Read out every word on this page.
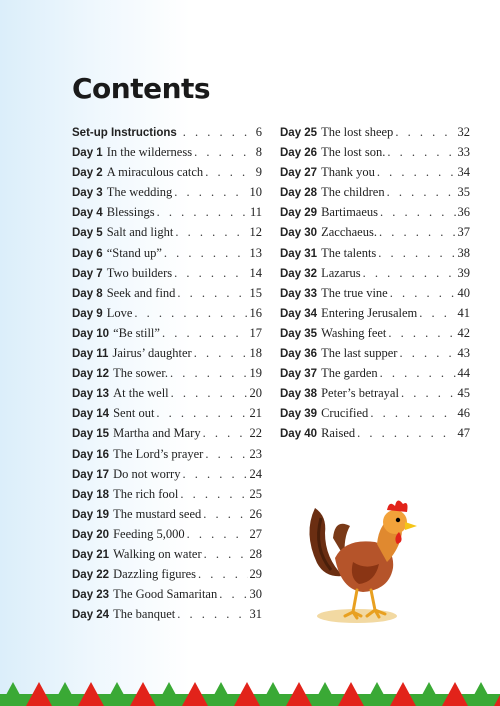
Contents
Set-up Instructions . . .	6
Day 1 In the wilderness . . .	8
Day 2 A miraculous catch . . .	9
Day 3 The wedding . . .	10
Day 4 Blessings . . .	11
Day 5 Salt and light . . .	12
Day 6 “Stand up” . . .	13
Day 7 Two builders . . .	14
Day 8 Seek and find . . .	15
Day 9 Love . . .	16
Day 10 “Be still” . . .	17
Day 11 Jairus’ daughter . . .	18
Day 12 The sower. . . .	19
Day 13 At the well . . .	20
Day 14 Sent out . . .	21
Day 15 Martha and Mary . . .	22
Day 16 The Lord’s prayer . . .	23
Day 17 Do not worry . . .	24
Day 18 The rich fool . . .	25
Day 19 The mustard seed . . .	26
Day 20 Feeding 5,000 . . .	27
Day 21 Walking on water . . .	28
Day 22 Dazzling figures . . .	29
Day 23 The Good Samaritan . . .	30
Day 24 The banquet . . .	31
Day 25 The lost sheep . . .	32
Day 26 The lost son. . . .	33
Day 27 Thank you . . .	34
Day 28 The children . . .	35
Day 29 Bartimaeus . . .	36
Day 30 Zacchaeus. . . .	37
Day 31 The talents . . .	38
Day 32 Lazarus . . .	39
Day 33 The true vine . . .	40
Day 34 Entering Jerusalem . . .	41
Day 35 Washing feet . . .	42
Day 36 The last supper . . .	43
Day 37 The garden . . .	44
Day 38 Peter’s betrayal . . .	45
Day 39 Crucified . . .	46
Day 40 Raised . . .	47
